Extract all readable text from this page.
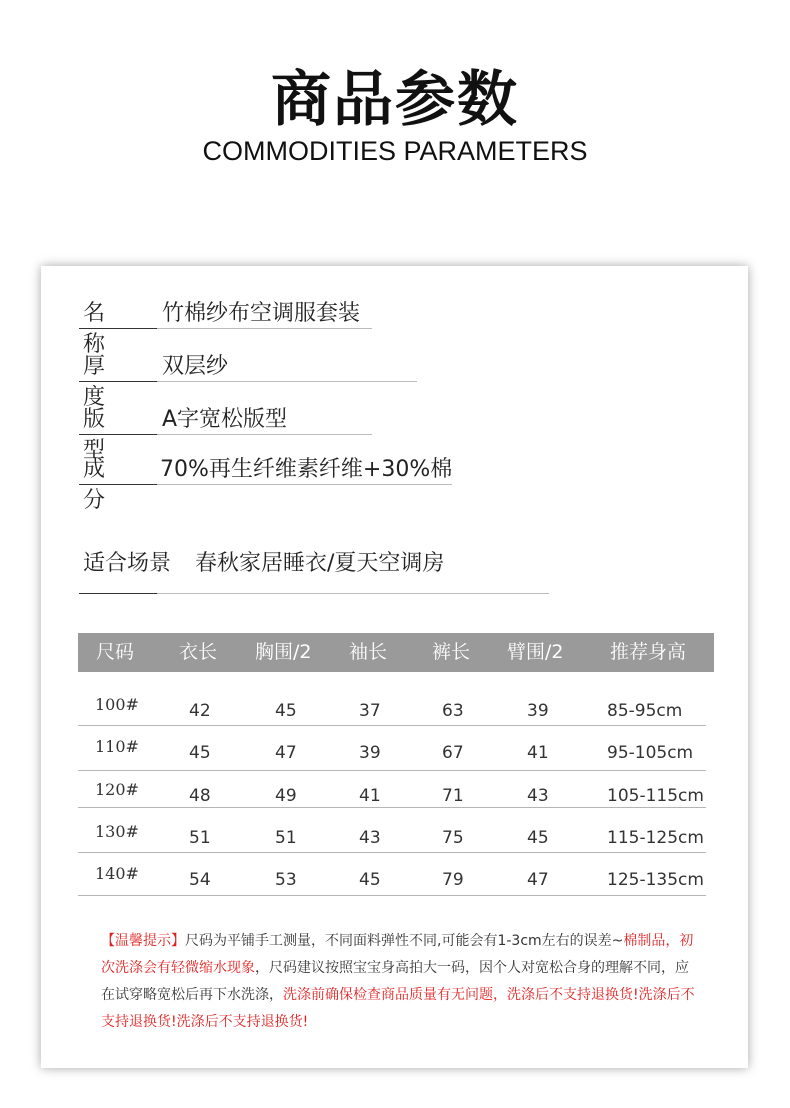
商品参数
COMMODITIES PARAMETERS
名称
竹棉纱布空调服套装
厚度
双层纱
版型
A字宽松版型
成分
70%再生纤维素纤维+30%棉
适合场景 春秋家居睡衣/夏天空调房
尺码 衣长 胸围/2 袖长 裤长 臂围/2 推荐身高
100#	42	45	37	63	39	85-95cm
110#	45	47	39	67	41	95-105cm
120#	48	49	41	71	43	105-115cm
130#	51	51	43	75	45	115-125cm
140#	54	53	45	79	47	125-135cm
【温馨提示】尺码为平铺手工测量，不同面料弹性不同,可能会有1-3cm左右的误差~棉制品，初次洗涤会有轻微缩水现象，尺码建议按照宝宝身高拍大一码，因个人对宽松合身的理解不同，应在试穿略宽松后再下水洗涤，洗涤前确保检查商品质量有无问题，洗涤后不支持退换货!洗涤后不支持退换货!洗涤后不支持退换货!
